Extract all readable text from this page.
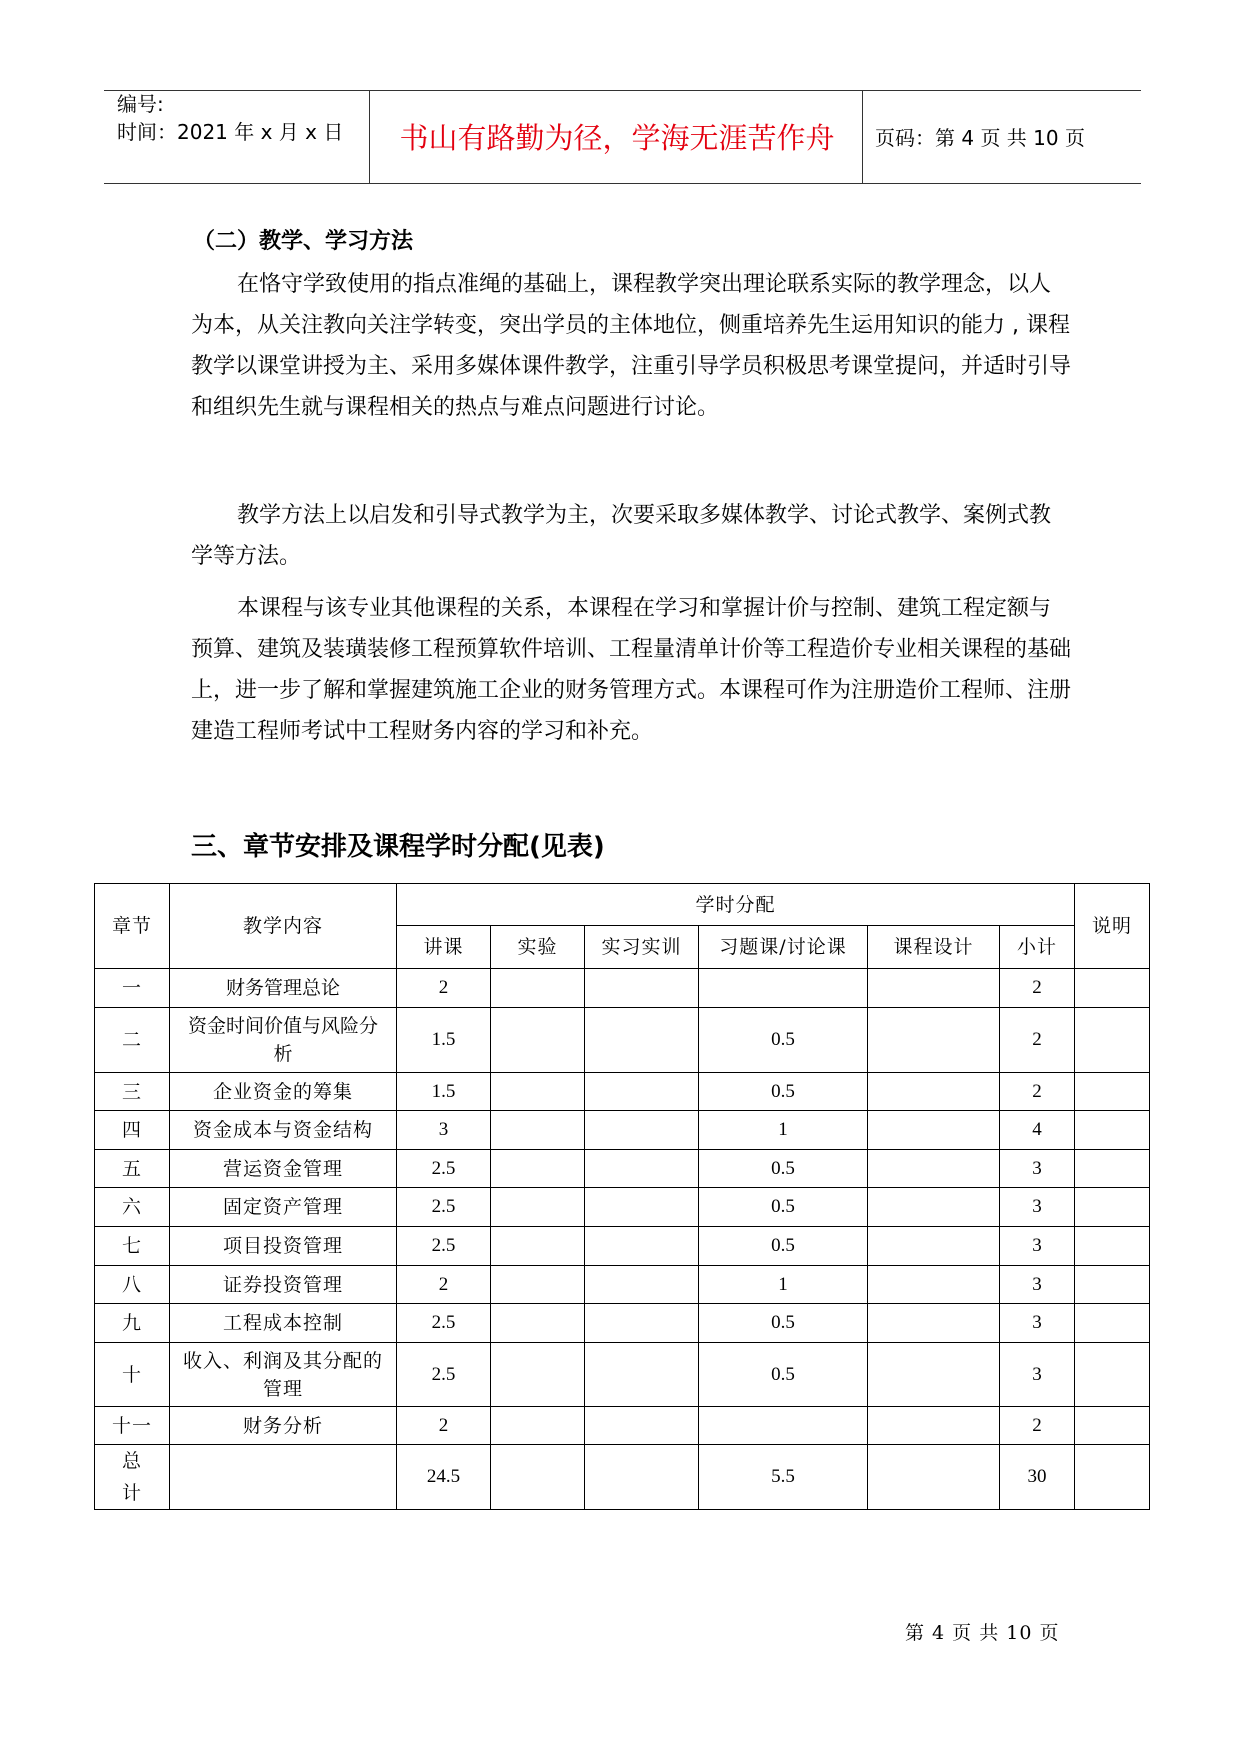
编号:
时间：2021 年 x 月 x 日	书山有路勤为径，学海无涯苦作舟	页码：第 4 页 共 10 页
（二）教学、学习方法
在恪守学致使用的指点准绳的基础上，课程教学突出理论联系实际的教学理念，以人为本，从关注教向关注学转变，突出学员的主体地位，侧重培养先生运用知识的能力 , 课程教学以课堂讲授为主、采用多媒体课件教学，注重引导学员积极思考课堂提问，并适时引导和组织先生就与课程相关的热点与难点问题进行讨论。
教学方法上以启发和引导式教学为主，次要采取多媒体教学、讨论式教学、案例式教学等方法。
本课程与该专业其他课程的关系，本课程在学习和掌握计价与控制、建筑工程定额与预算、建筑及装璜装修工程预算软件培训、工程量清单计价等工程造价专业相关课程的基础上，进一步了解和掌握建筑施工企业的财务管理方式。本课程可作为注册造价工程师、注册建造工程师考试中工程财务内容的学习和补充。
三、章节安排及课程学时分配(见表)
章节	教学内容	学时分配						说明
		讲课	实验	实习实训	习题课/讨论课	课程设计	小计	
一	财务管理总论	2					2	
二	资金时间价值与风险分析	1.5			0.5		2	
三	企业资金的筹集	1.5			0.5		2	
四	资金成本与资金结构	3			1		4	
五	营运资金管理	2.5			0.5		3	
六	固定资产管理	2.5			0.5		3	
七	项目投资管理	2.5			0.5		3	
八	证券投资管理	2			1		3	
九	工程成本控制	2.5			0.5		3	
十	收入、利润及其分配的管理	2.5			0.5		3	
十一	财务分析	2					2	
总计		24.5			5.5		30	
第 4 页 共 10 页
